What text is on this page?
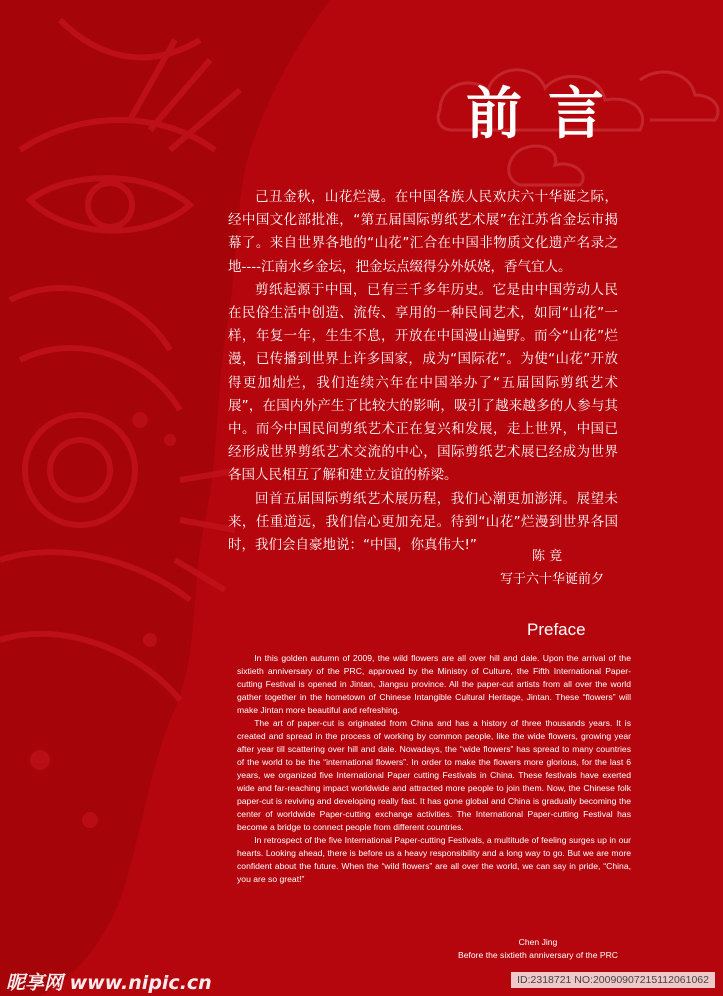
前言

己丑金秋，山花烂漫。在中国各族人民欢庆六十华诞之际，经中国文化部批准，“第五届国际剪纸艺术展”在江苏省金坛市揭幕了。来自世界各地的“山花”汇合在中国非物质文化遗产名录之地----江南水乡金坛，把金坛点缀得分外妖娆，香气宜人。

剪纸起源于中国，已有三千多年历史。它是由中国劳动人民在民俗生活中创造、流传、享用的一种民间艺术，如同“山花”一样，年复一年，生生不息，开放在中国漫山遍野。而今“山花”烂漫，已传播到世界上许多国家，成为“国际花”。为使“山花”开放得更加灿烂，我们连续六年在中国举办了“五届国际剪纸艺术展”，在国内外产生了比较大的影响，吸引了越来越多的人参与其中。而今中国民间剪纸艺术正在复兴和发展，走上世界，中国已经形成世界剪纸艺术交流的中心，国际剪纸艺术展已经成为世界各国人民相互了解和建立友谊的桥梁。

回首五届国际剪纸艺术展历程，我们心潮更加澎湃。展望未来，任重道远，我们信心更加充足。待到“山花”烂漫到世界各国时，我们会自豪地说：“中国，你真伟大!”

陈 竟
写于六十华诞前夕
Preface

In this golden autumn of 2009, the wild flowers are all over hill and dale. Upon the arrival of the sixtieth anniversary of the PRC, approved by the Ministry of Culture, the Fifth International Paper-cutting Festival is opened in Jintan, Jiangsu province. All the paper-cut artists from all over the world gather together in the hometown of Chinese Intangible Cultural Heritage, Jintan. These “flowers” will make Jintan more beautiful and refreshing.

The art of paper-cut is originated from China and has a history of three thousands years. It is created and spread in the process of working by common people, like the wide flowers, growing year after year till scattering over hill and dale. Nowadays, the “wide flowers” has spread to many countries of the world to be the “international flowers”. In order to make the flowers more glorious, for the last 6 years, we organized five International Paper cutting Festivals in China. These festivals have exerted wide and far-reaching impact worldwide and attracted more people to join them. Now, the Chinese folk paper-cut is reviving and developing really fast. It has gone global and China is gradually becoming the center of worldwide Paper-cutting exchange activities. The International Paper-cutting Festival has become a bridge to connect people from different countries.

In retrospect of the five International Paper-cutting Festivals, a multitude of feeling surges up in our hearts. Looking ahead, there is before us a heavy responsibility and a long way to go. But we are more confident about the future. When the “wild flowers” are all over the world, we can say in pride, “China, you are so great!”

Chen Jing
Before the sixtieth anniversary of the PRC
昵享网 www.nipic.cn	ID:2318721 NO:20090907215112061062
